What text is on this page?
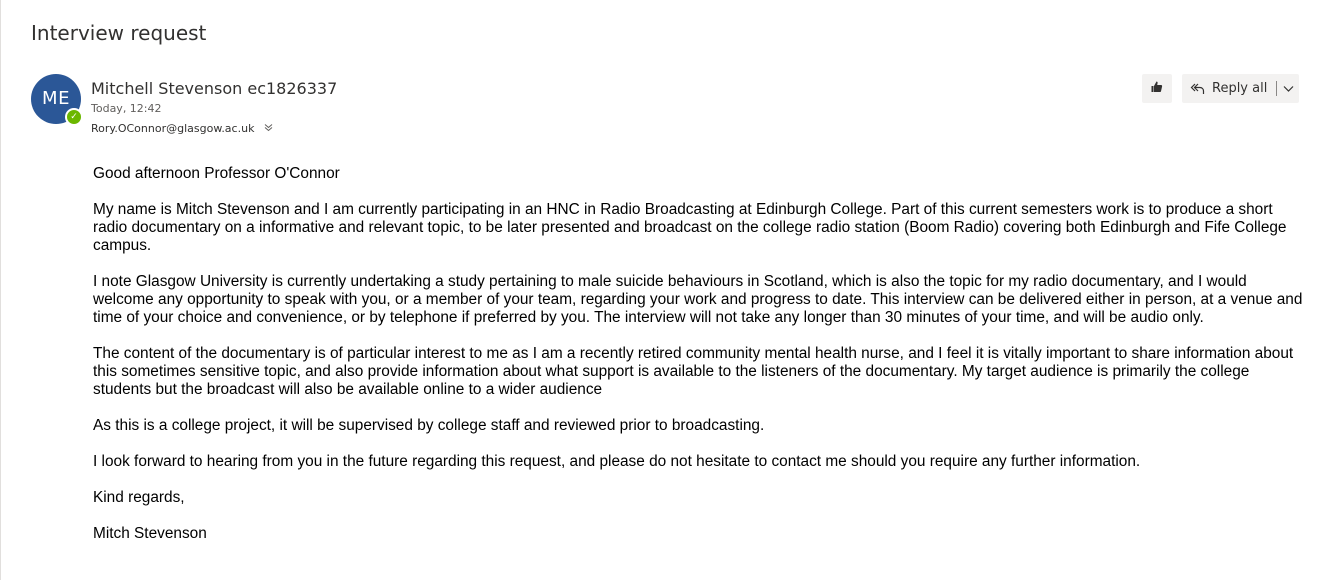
Interview request
ME
✓
Mitchell Stevenson ec1826337
Today, 12:42
Rory.OConnor@glasgow.ac.uk
Reply all

Good afternoon Professor O'Connor

My name is Mitch Stevenson and I am currently participating in an HNC in Radio Broadcasting at Edinburgh College. Part of this current semesters work is to produce a short radio documentary on a informative and relevant topic, to be later presented and broadcast on the college radio station (Boom Radio) covering both Edinburgh and Fife College campus.

I note Glasgow University is currently undertaking a study pertaining to male suicide behaviours in Scotland, which is also the topic for my radio documentary, and I would welcome any opportunity to speak with you, or a member of your team, regarding your work and progress to date. This interview can be delivered either in person, at a venue and time of your choice and convenience, or by telephone if preferred by you. The interview will not take any longer than 30 minutes of your time, and will be audio only.

The content of the documentary is of particular interest to me as I am a recently retired community mental health nurse, and I feel it is vitally important to share information about this sometimes sensitive topic, and also provide information about what support is available to the listeners of the documentary. My target audience is primarily the college students but the broadcast will also be available online to a wider audience

As this is a college project, it will be supervised by college staff and reviewed prior to broadcasting.

I look forward to hearing from you in the future regarding this request, and please do not hesitate to contact me should you require any further information.

Kind regards,

Mitch Stevenson
